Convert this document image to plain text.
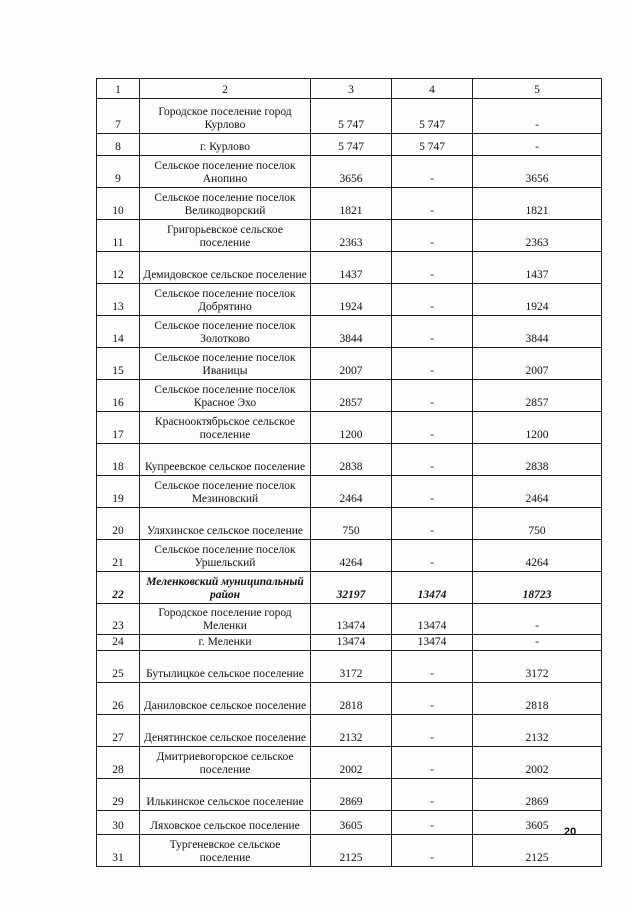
1	2	3	4	5
7	Городское поселение город Курлово	5 747	5 747	-
8	г. Курлово	5 747	5 747	-
9	Сельское поселение поселок Анопино	3656	-	3656
10	Сельское поселение поселок Великодворский	1821	-	1821
11	Григорьевское сельское поселение	2363	-	2363
12	Демидовское сельское поселение	1437	-	1437
13	Сельское поселение поселок Добрятино	1924	-	1924
14	Сельское поселение поселок Золотково	3844	-	3844
15	Сельское поселение поселок Иваницы	2007	-	2007
16	Сельское поселение поселок Красное Эхо	2857	-	2857
17	Краснооктябрьское сельское поселение	1200	-	1200
18	Купреевское сельское поселение	2838	-	2838
19	Сельское поселение поселок Мезиновский	2464	-	2464
20	Уляхинское сельское поселение	750	-	750
21	Сельское поселение поселок Уршельский	4264	-	4264
22	Меленковский муниципальный район	32197	13474	18723
23	Городское поселение город Меленки	13474	13474	-
24	г. Меленки	13474	13474	-
25	Бутылицкое сельское поселение	3172	-	3172
26	Даниловское сельское поселение	2818	-	2818
27	Денятинское сельское поселение	2132	-	2132
28	Дмитриевогорское сельское поселение	2002	-	2002
29	Илькинское сельское поселение	2869	-	2869
30	Ляховское сельское поселение	3605	-	3605
31	Тургеневское сельское поселение	2125	-	2125
20
